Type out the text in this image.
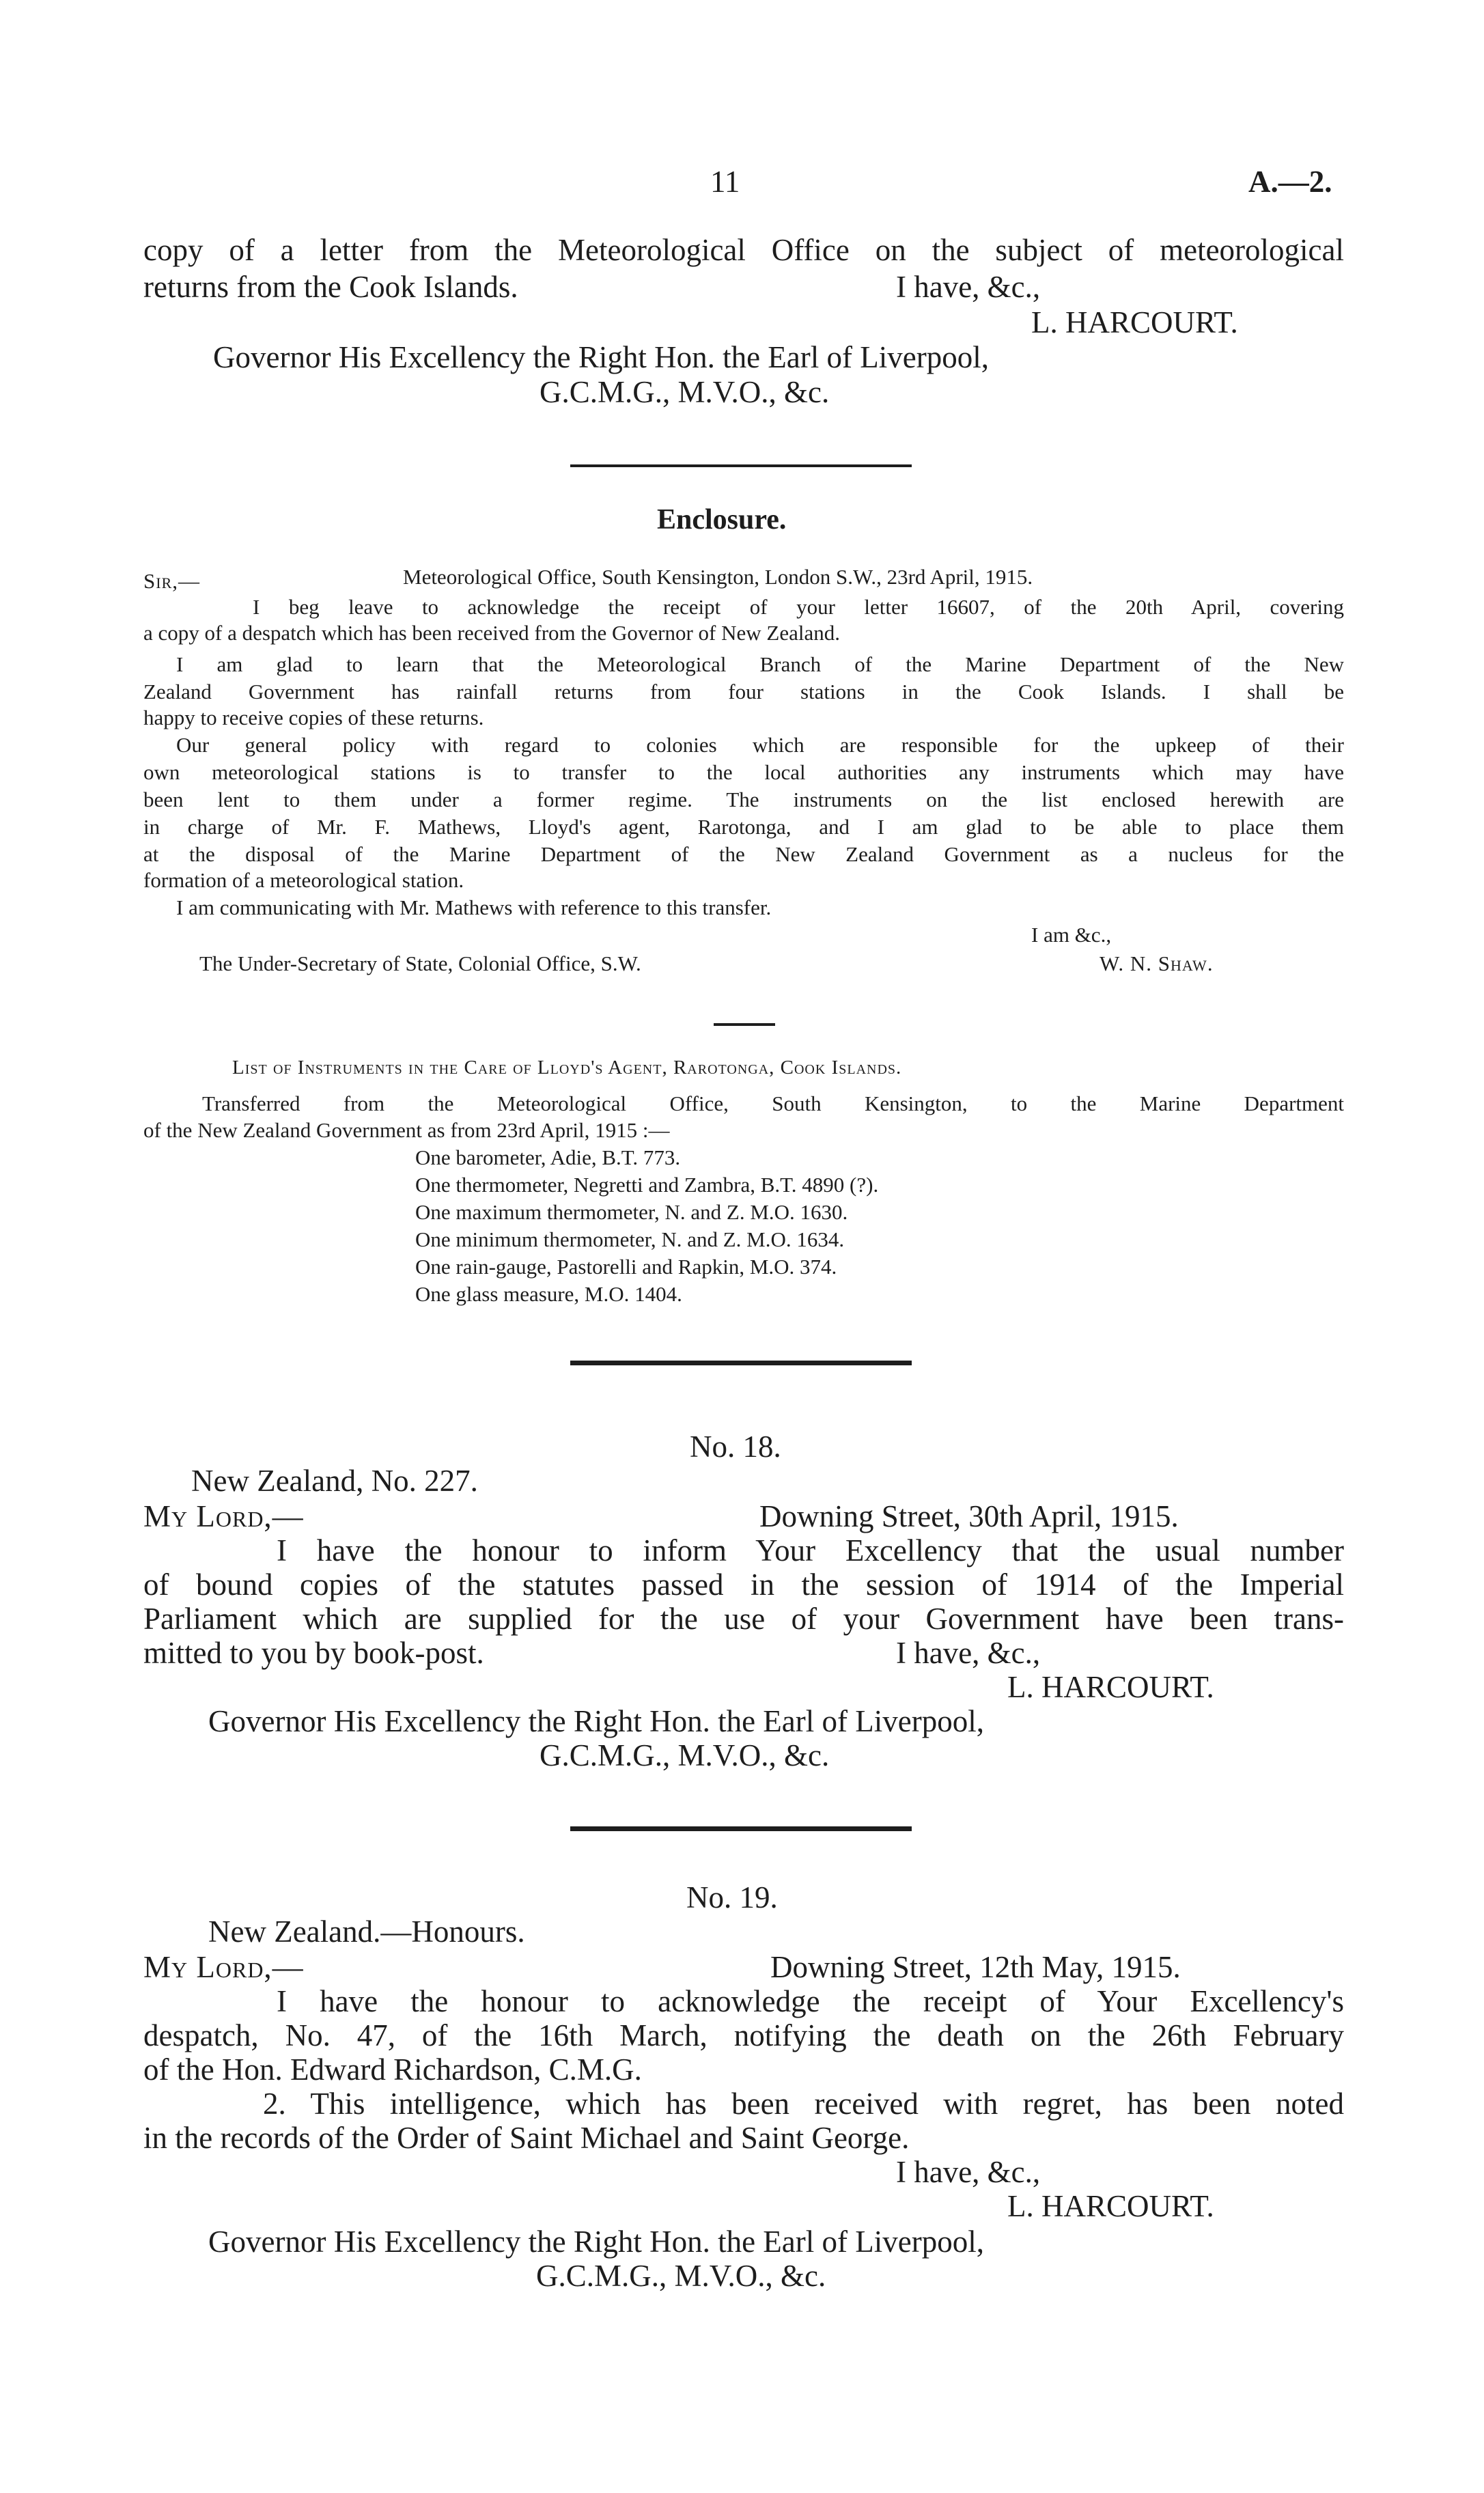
11	A.—2.
copy of a letter from the Meteorological Office on the subject of meteorological
returns from the Cook Islands.	I have, &c.,
L. HARCOURT.
Governor His Excellency the Right Hon. the Earl of Liverpool,
G.C.M.G., M.V.O., &c.
Enclosure.
Sir,—	Meteorological Office, South Kensington, London S.W., 23rd April, 1915.
I beg leave to acknowledge the receipt of your letter 16607, of the 20th April, covering
a copy of a despatch which has been received from the Governor of New Zealand.
I am glad to learn that the Meteorological Branch of the Marine Department of the New
Zealand Government has rainfall returns from four stations in the Cook Islands. I shall be
happy to receive copies of these returns.
Our general policy with regard to colonies which are responsible for the upkeep of their
own meteorological stations is to transfer to the local authorities any instruments which may have
been lent to them under a former regime. The instruments on the list enclosed herewith are
in charge of Mr. F. Mathews, Lloyd's agent, Rarotonga, and I am glad to be able to place them
at the disposal of the Marine Department of the New Zealand Government as a nucleus for the
formation of a meteorological station.
I am communicating with Mr. Mathews with reference to this transfer.
I am &c.,
The Under-Secretary of State, Colonial Office, S.W.	W. N. Shaw.
List of Instruments in the Care of Lloyd's Agent, Rarotonga, Cook Islands.
Transferred from the Meteorological Office, South Kensington, to the Marine Department
of the New Zealand Government as from 23rd April, 1915 :—
One barometer, Adie, B.T. 773.
One thermometer, Negretti and Zambra, B.T. 4890 (?).
One maximum thermometer, N. and Z. M.O. 1630.
One minimum thermometer, N. and Z. M.O. 1634.
One rain-gauge, Pastorelli and Rapkin, M.O. 374.
One glass measure, M.O. 1404.
No. 18.
New Zealand, No. 227.
My Lord,—	Downing Street, 30th April, 1915.
I have the honour to inform Your Excellency that the usual number
of bound copies of the statutes passed in the session of 1914 of the Imperial
Parliament which are supplied for the use of your Government have been trans-
mitted to you by book-post.	I have, &c.,
L. HARCOURT.
Governor His Excellency the Right Hon. the Earl of Liverpool,
G.C.M.G., M.V.O., &c.
No. 19.
New Zealand.—Honours.
My Lord,—	Downing Street, 12th May, 1915.
I have the honour to acknowledge the receipt of Your Excellency's
despatch, No. 47, of the 16th March, notifying the death on the 26th February
of the Hon. Edward Richardson, C.M.G.
2. This intelligence, which has been received with regret, has been noted
in the records of the Order of Saint Michael and Saint George.
I have, &c.,
L. HARCOURT.
Governor His Excellency the Right Hon. the Earl of Liverpool,
G.C.M.G., M.V.O., &c.
